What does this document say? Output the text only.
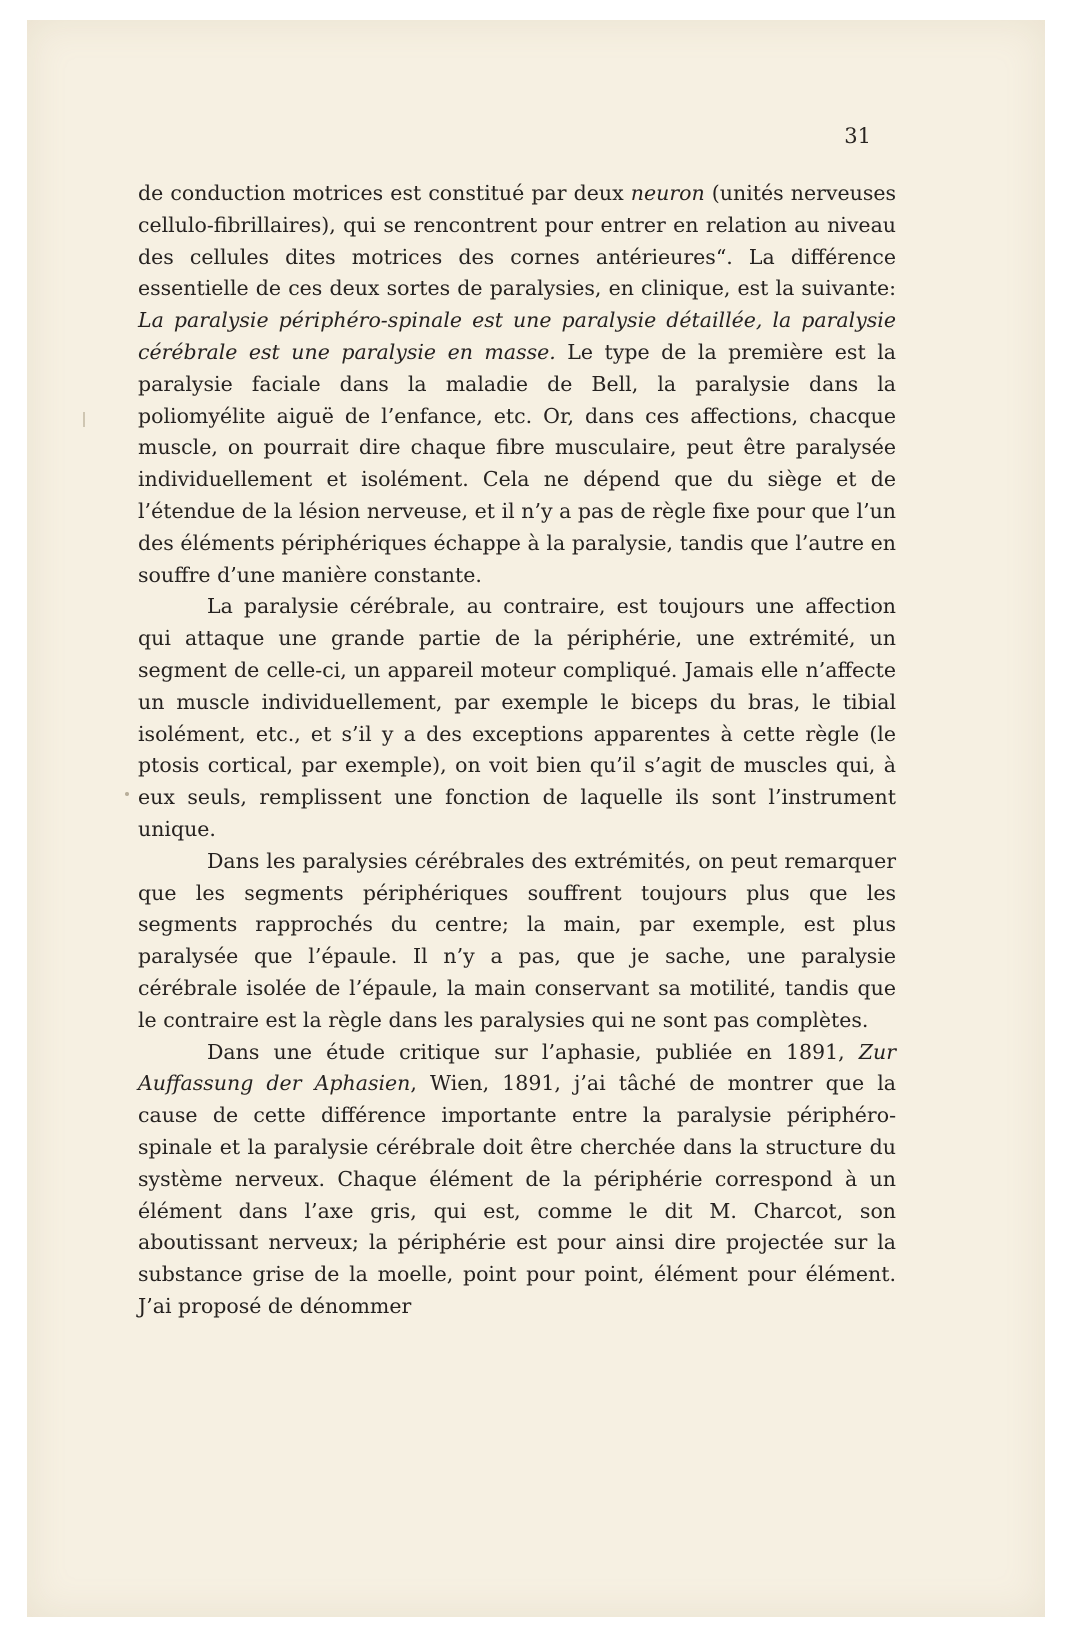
31

de conduction motrices est constitué par deux neuron (unités nerveuses cellulo-fibrillaires), qui se rencontrent pour entrer en relation au niveau des cellules dites motrices des cornes antérieures“. La différence essentielle de ces deux sortes de paralysies, en clinique, est la suivante: La paralysie périphéro-spinale est une paralysie détaillée, la paralysie cérébrale est une paralysie en masse. Le type de la première est la paralysie faciale dans la maladie de Bell, la paralysie dans la poliomyélite aiguë de l’enfance, etc. Or, dans ces affections, chacque muscle, on pourrait dire chaque fibre musculaire, peut être paralysée individuellement et isolément. Cela ne dépend que du siège et de l’étendue de la lésion nerveuse, et il n’y a pas de règle fixe pour que l’un des éléments périphériques échappe à la paralysie, tandis que l’autre en souffre d’une manière constante.

La paralysie cérébrale, au contraire, est toujours une affection qui attaque une grande partie de la périphérie, une extrémité, un segment de celle-ci, un appareil moteur compliqué. Jamais elle n’affecte un muscle individuellement, par exemple le biceps du bras, le tibial isolément, etc., et s’il y a des exceptions apparentes à cette règle (le ptosis cortical, par exemple), on voit bien qu’il s’agit de muscles qui, à eux seuls, remplissent une fonction de laquelle ils sont l’instrument unique.

Dans les paralysies cérébrales des extrémités, on peut remarquer que les segments périphériques souffrent toujours plus que les segments rapprochés du centre; la main, par exemple, est plus paralysée que l’épaule. Il n’y a pas, que je sache, une paralysie cérébrale isolée de l’épaule, la main conservant sa motilité, tandis que le contraire est la règle dans les paralysies qui ne sont pas complètes.

Dans une étude critique sur l’aphasie, publiée en 1891, Zur Auffassung der Aphasien, Wien, 1891, j’ai tâché de montrer que la cause de cette différence importante entre la paralysie périphéro-spinale et la paralysie cérébrale doit être cherchée dans la structure du système nerveux. Chaque élément de la périphérie correspond à un élément dans l’axe gris, qui est, comme le dit M. Charcot, son aboutissant nerveux; la périphérie est pour ainsi dire projectée sur la substance grise de la moelle, point pour point, élément pour élément. J’ai proposé de dénommer
